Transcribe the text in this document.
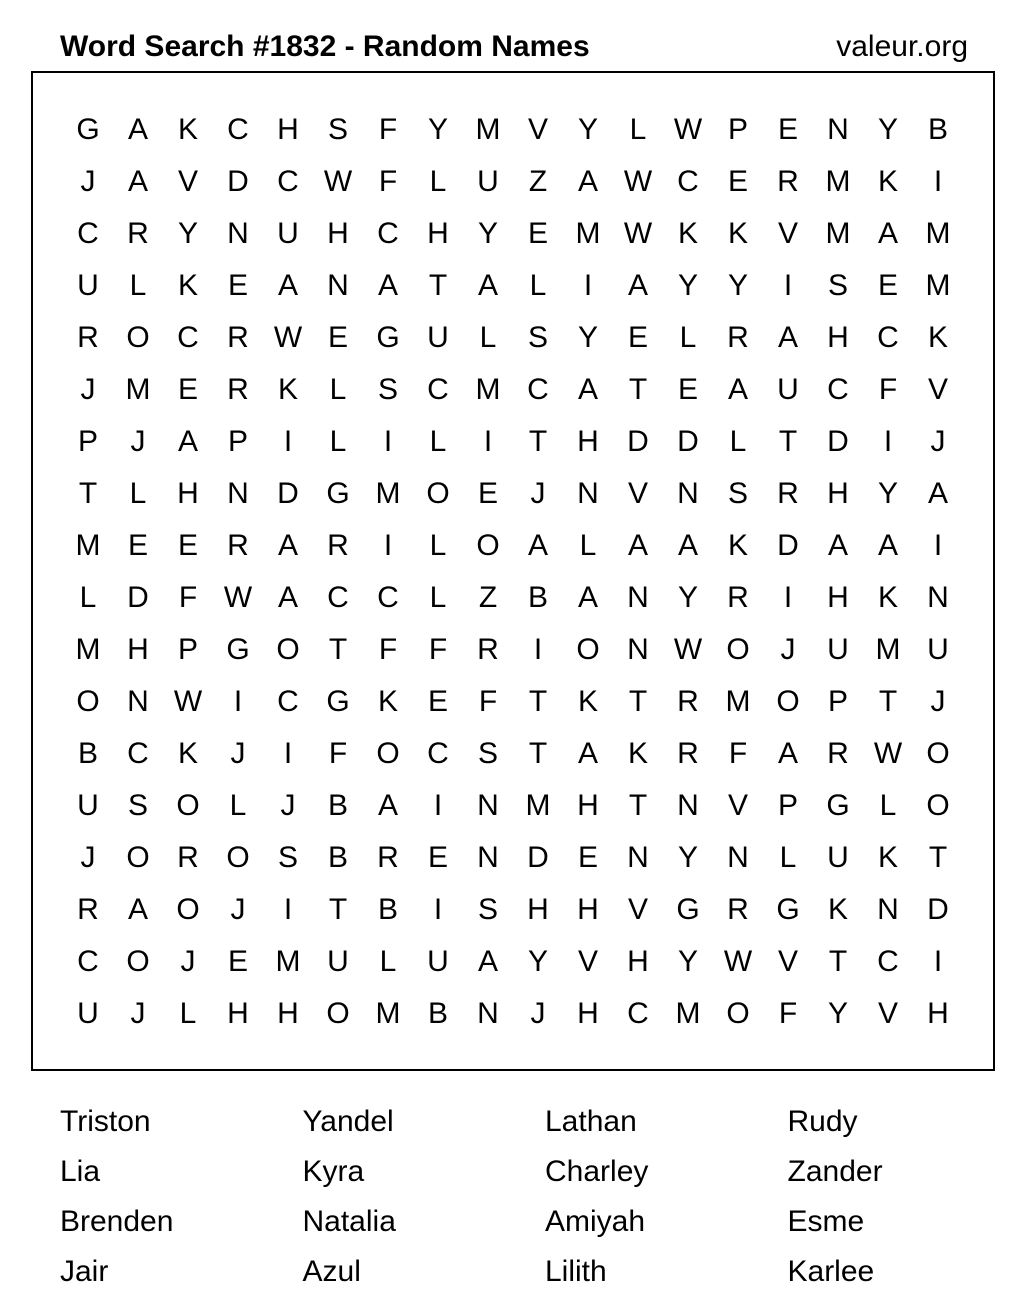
Word Search #1832 - Random Names	valeur.org
G A K C H S	F	Y M V Y	L W P E N Y B
J	A V D C W F	L	U	Z	A W C E R M K	I
C R Y N U H C H Y E M W K K V M A M
U	L	K E A N A	T	A	L	I	A Y Y	I	S E M
R O C R W E G U	L	S Y E	L	R A H C K
J	M E R K	L	S C M C A	T	E A U C	F	V
P	J	A P	I	L	I	L	I	T	H D D	L	T	D	I	J
T	L	H N D G M O E	J	N V N S R H Y A
M E E R A R	I	L O A	L	A A K D A A	I
L	D	F W A C C	L	Z	B A N Y R	I	H K N
M H P G O T	F	F	R	I	O N W O	J	U M U
O N W	I	C G K E	F	T	K	T	R M O P	T	J
B C K	J	I	F O C S	T	A K R	F	A R W O
U S O L	J	B A	I	N M H	T	N V P G L O
J	O R O S B R E N D E N Y N	L	U K	T
R A O	J	I	T	B	I	S H H V G R G K N D
C O	J	E M U	L	U A Y V H Y W V	T	C	I
U	J	L	H H O M B N	J	H C M O F	Y V H
Triston	Yandel	Lathan	Rudy
Lia	Kyra	Charley	Zander
Brenden	Natalia	Amiyah	Esme
Jair	Azul	Lilith	Karlee
